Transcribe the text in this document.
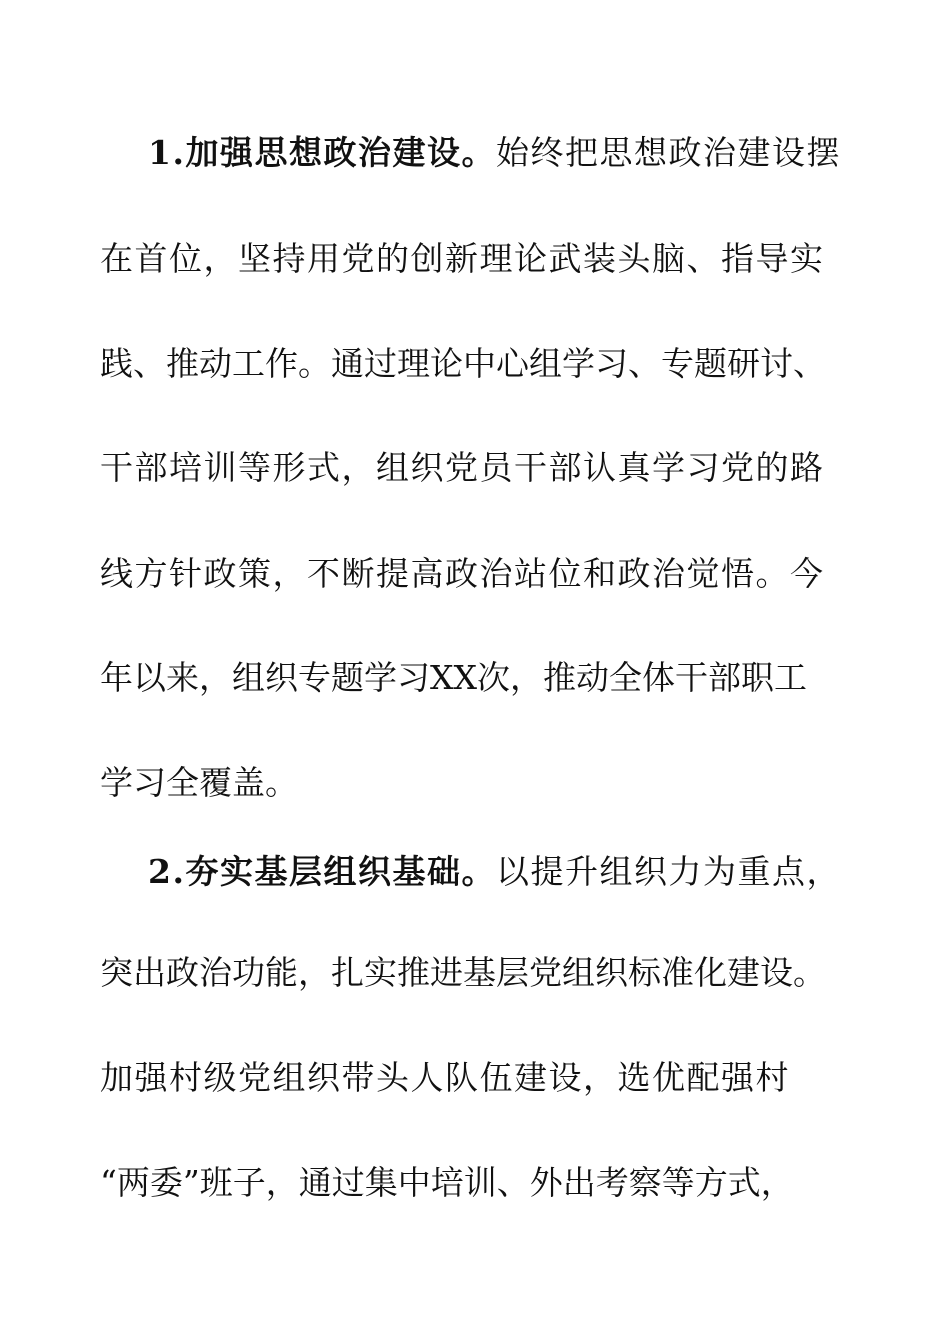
1.加强思想政治建设。始终把思想政治建设摆
在首位，坚持用党的创新理论武装头脑、指导实
践、推动工作。通过理论中心组学习、专题研讨、
干部培训等形式，组织党员干部认真学习党的路
线方针政策，不断提高政治站位和政治觉悟。今
年以来，组织专题学习XX次，推动全体干部职工
学习全覆盖。
2.夯实基层组织基础。以提升组织力为重点，
突出政治功能，扎实推进基层党组织标准化建设。
加强村级党组织带头人队伍建设，选优配强村
“两委”班子，通过集中培训、外出考察等方式，
